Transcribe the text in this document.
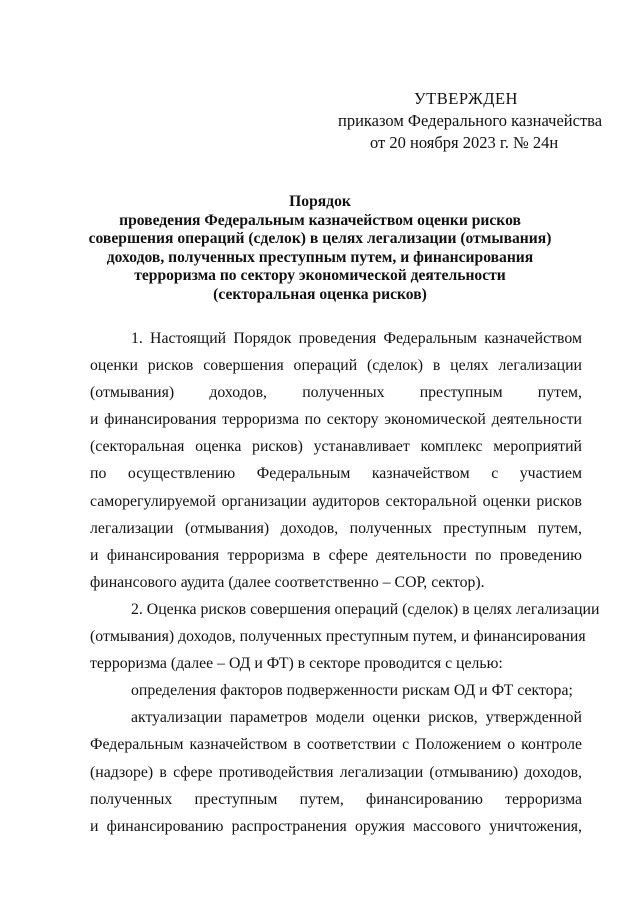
УТВЕРЖДЕН
приказом Федерального казначейства
от 20 ноября 2023 г. № 24н
Порядок
проведения Федеральным казначейством оценки рисков
совершения операций (сделок) в целях легализации (отмывания)
доходов, полученных преступным путем, и финансирования
терроризма по сектору экономической деятельности
(секторальная оценка рисков)
1. Настоящий Порядок проведения Федеральным казначейством
оценки рисков совершения операций (сделок) в целях легализации
(отмывания) доходов, полученных преступным путем,
и финансирования терроризма по сектору экономической деятельности
(секторальная оценка рисков) устанавливает комплекс мероприятий
по осуществлению Федеральным казначейством с участием
саморегулируемой организации аудиторов секторальной оценки рисков
легализации (отмывания) доходов, полученных преступным путем,
и финансирования терроризма в сфере деятельности по проведению
финансового аудита (далее соответственно – СОР, сектор).
2. Оценка рисков совершения операций (сделок) в целях легализации
(отмывания) доходов, полученных преступным путем, и финансирования
терроризма (далее – ОД и ФТ) в секторе проводится с целью:
определения факторов подверженности рискам ОД и ФТ сектора;
актуализации параметров модели оценки рисков, утвержденной
Федеральным казначейством в соответствии с Положением о контроле
(надзоре) в сфере противодействия легализации (отмыванию) доходов,
полученных преступным путем, финансированию терроризма
и финансированию распространения оружия массового уничтожения,
